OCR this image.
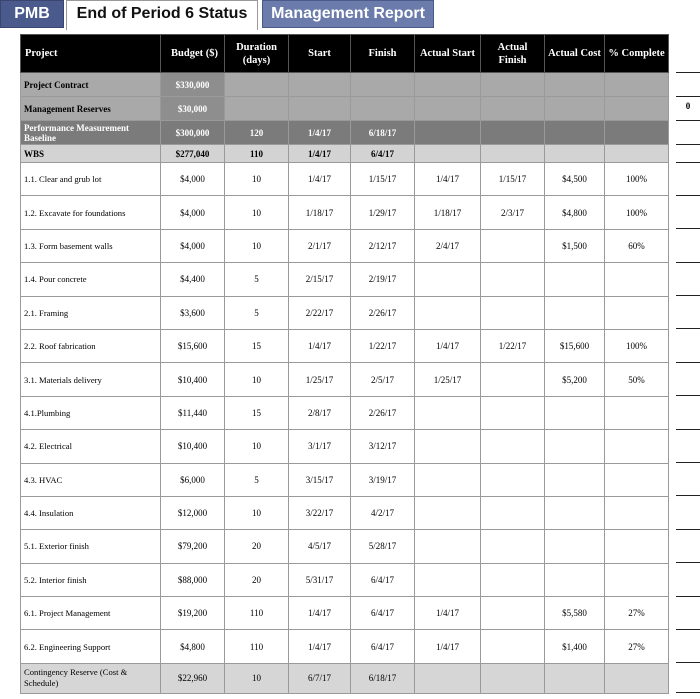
PMB	End of Period 6 Status	Management Report
Project	Budget ($)	Duration (days)	Start	Finish	Actual Start	Actual Finish	Actual Cost	% Complete
Project Contract	$330,000							
Management Reserves	$30,000							
Performance Measurement Baseline	$300,000	120	1/4/17	6/18/17				
WBS	$277,040	110	1/4/17	6/4/17				
1.1. Clear and grub lot	$4,000	10	1/4/17	1/15/17	1/4/17	1/15/17	$4,500	100%
1.2. Excavate for foundations	$4,000	10	1/18/17	1/29/17	1/18/17	2/3/17	$4,800	100%
1.3. Form basement walls	$4,000	10	2/1/17	2/12/17	2/4/17		$1,500	60%
1.4. Pour concrete	$4,400	5	2/15/17	2/19/17				
2.1. Framing	$3,600	5	2/22/17	2/26/17				
2.2. Roof fabrication	$15,600	15	1/4/17	1/22/17	1/4/17	1/22/17	$15,600	100%
3.1. Materials delivery	$10,400	10	1/25/17	2/5/17	1/25/17		$5,200	50%
4.1.Plumbing	$11,440	15	2/8/17	2/26/17				
4.2. Electrical	$10,400	10	3/1/17	3/12/17				
4.3. HVAC	$6,000	5	3/15/17	3/19/17				
4.4. Insulation	$12,000	10	3/22/17	4/2/17				
5.1. Exterior finish	$79,200	20	4/5/17	5/28/17				
5.2. Interior finish	$88,000	20	5/31/17	6/4/17				
6.1. Project Management	$19,200	110	1/4/17	6/4/17	1/4/17		$5,580	27%
6.2. Engineering Support	$4,800	110	1/4/17	6/4/17	1/4/17		$1,400	27%
Contingency Reserve (Cost & Schedule)	$22,960	10	6/7/17	6/18/17				
0
